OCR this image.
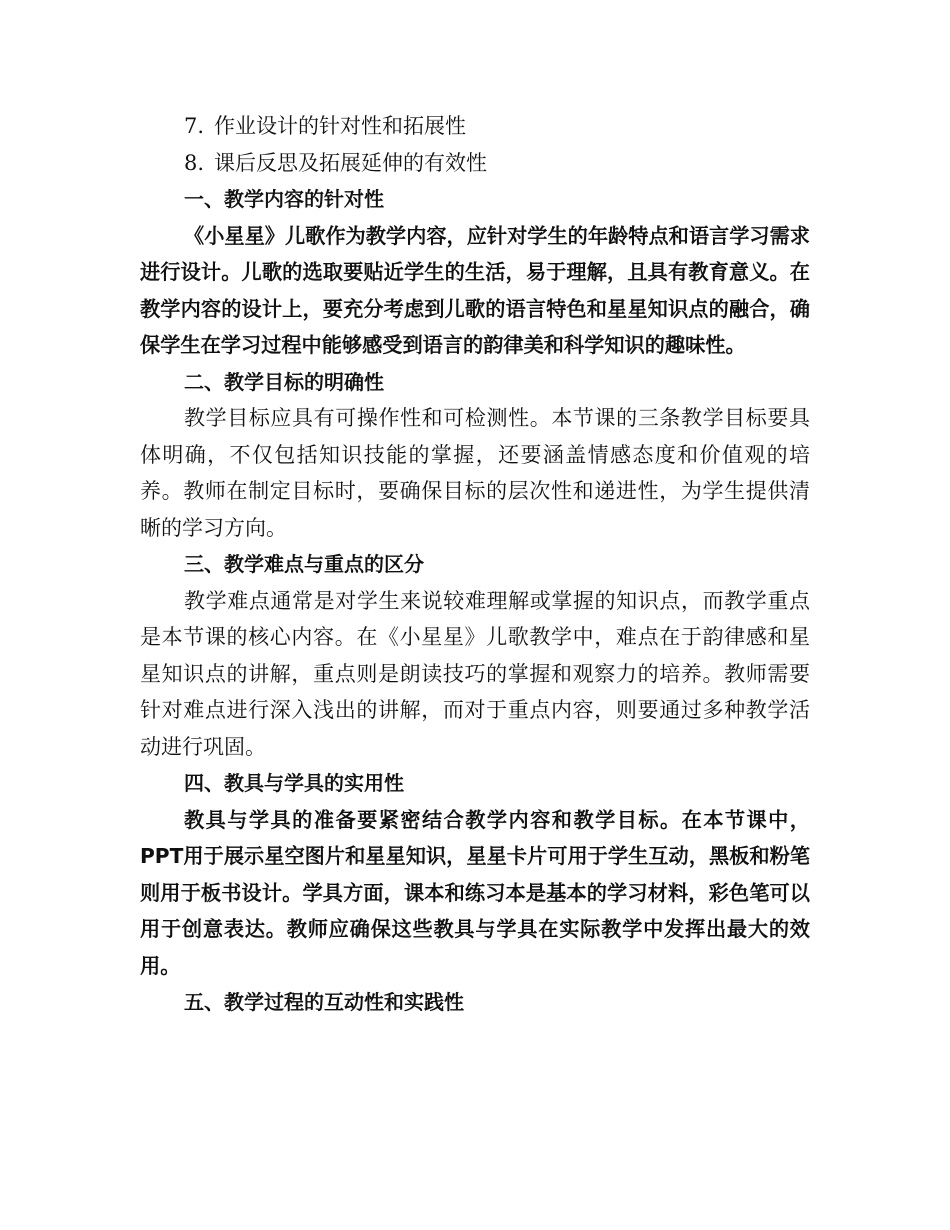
7. 作业设计的针对性和拓展性

8. 课后反思及拓展延伸的有效性

一、教学内容的针对性

《小星星》儿歌作为教学内容，应针对学生的年龄特点和语言学习需求进行设计。儿歌的选取要贴近学生的生活，易于理解，且具有教育意义。在教学内容的设计上，要充分考虑到儿歌的语言特色和星星知识点的融合，确保学生在学习过程中能够感受到语言的韵律美和科学知识的趣味性。

二、教学目标的明确性

教学目标应具有可操作性和可检测性。本节课的三条教学目标要具体明确，不仅包括知识技能的掌握，还要涵盖情感态度和价值观的培养。教师在制定目标时，要确保目标的层次性和递进性，为学生提供清晰的学习方向。

三、教学难点与重点的区分

教学难点通常是对学生来说较难理解或掌握的知识点，而教学重点是本节课的核心内容。在《小星星》儿歌教学中，难点在于韵律感和星星知识点的讲解，重点则是朗读技巧的掌握和观察力的培养。教师需要针对难点进行深入浅出的讲解，而对于重点内容，则要通过多种教学活动进行巩固。

四、教具与学具的实用性

教具与学具的准备要紧密结合教学内容和教学目标。在本节课中，PPT用于展示星空图片和星星知识，星星卡片可用于学生互动，黑板和粉笔则用于板书设计。学具方面，课本和练习本是基本的学习材料，彩色笔可以用于创意表达。教师应确保这些教具与学具在实际教学中发挥出最大的效用。

五、教学过程的互动性和实践性
